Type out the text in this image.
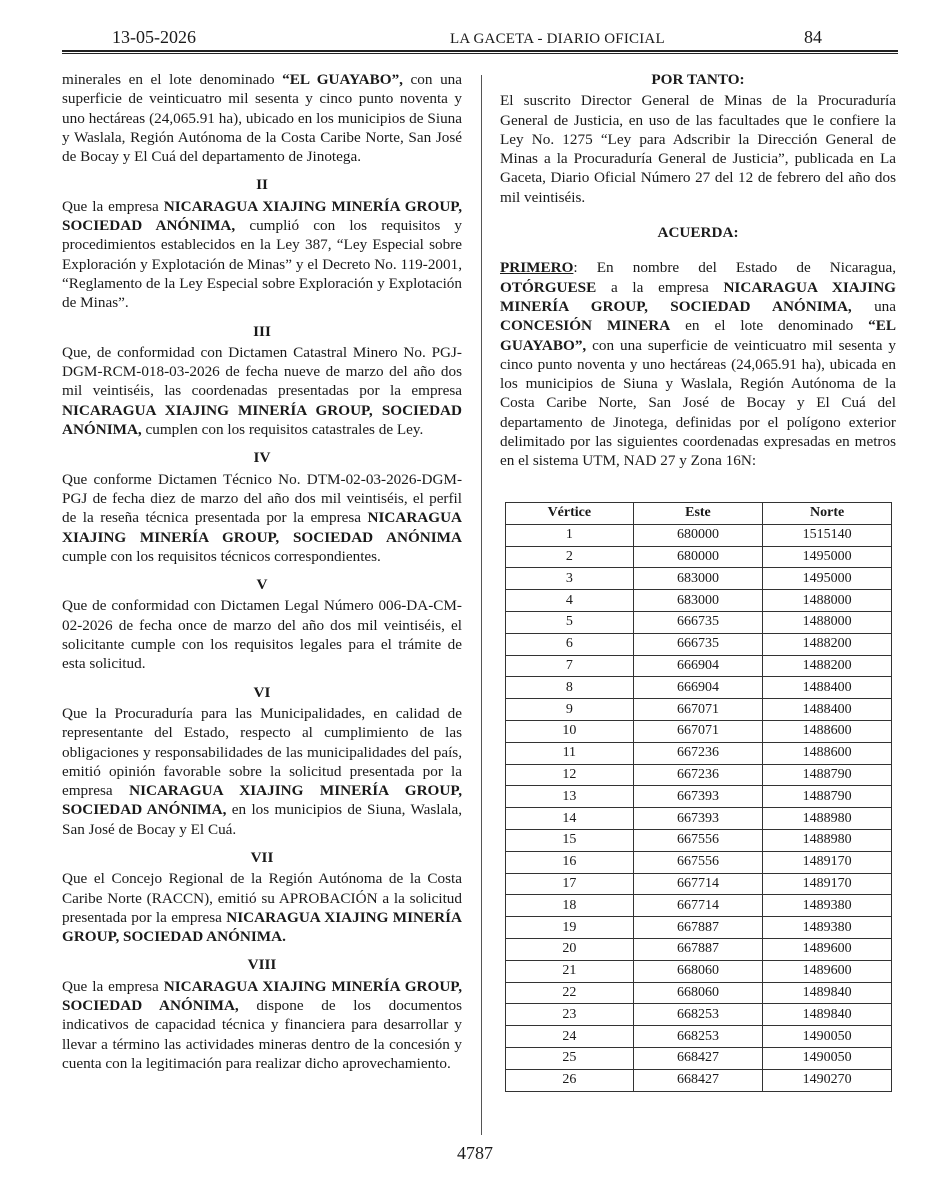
13-05-2026	LA GACETA - DIARIO OFICIAL	84

minerales en el lote denominado “EL GUAYABO”, con una superficie de veinticuatro mil sesenta y cinco punto noventa y uno hectáreas (24,065.91 ha), ubicado en los municipios de Siuna y Waslala, Región Autónoma de la Costa Caribe Norte, San José de Bocay y El Cuá del departamento de Jinotega.

II

Que la empresa NICARAGUA XIAJING MINERÍA GROUP, SOCIEDAD ANÓNIMA, cumplió con los requisitos y procedimientos establecidos en la Ley 387, “Ley Especial sobre Exploración y Explotación de Minas” y el Decreto No. 119-2001, “Reglamento de la Ley Especial sobre Exploración y Explotación de Minas”.

III

Que, de conformidad con Dictamen Catastral Minero No. PGJ-DGM-RCM-018-03-2026 de fecha nueve de marzo del año dos mil veintiséis, las coordenadas presentadas por la empresa NICARAGUA XIAJING MINERÍA GROUP, SOCIEDAD ANÓNIMA, cumplen con los requisitos catastrales de Ley.

IV

Que conforme Dictamen Técnico No. DTM-02-03-2026-DGM-PGJ de fecha diez de marzo del año dos mil veintiséis, el perfil de la reseña técnica presentada por la empresa NICARAGUA XIAJING MINERÍA GROUP, SOCIEDAD ANÓNIMA cumple con los requisitos técnicos correspondientes.

V

Que de conformidad con Dictamen Legal Número 006-DA-CM-02-2026 de fecha once de marzo del año dos mil veintiséis, el solicitante cumple con los requisitos legales para el trámite de esta solicitud.

VI

Que la Procuraduría para las Municipalidades, en calidad de representante del Estado, respecto al cumplimiento de las obligaciones y responsabilidades de las municipalidades del país, emitió opinión favorable sobre la solicitud presentada por la empresa NICARAGUA XIAJING MINERÍA GROUP, SOCIEDAD ANÓNIMA, en los municipios de Siuna, Waslala, San José de Bocay y El Cuá.

VII

Que el Concejo Regional de la Región Autónoma de la Costa Caribe Norte (RACCN), emitió su APROBACIÓN a la solicitud presentada por la empresa NICARAGUA XIAJING MINERÍA GROUP, SOCIEDAD ANÓNIMA.

VIII

Que la empresa NICARAGUA XIAJING MINERÍA GROUP, SOCIEDAD ANÓNIMA, dispone de los documentos indicativos de capacidad técnica y financiera para desarrollar y llevar a término las actividades mineras dentro de la concesión y cuenta con la legitimación para realizar dicho aprovechamiento.

POR TANTO:

El suscrito Director General de Minas de la Procuraduría General de Justicia, en uso de las facultades que le confiere la Ley No. 1275 “Ley para Adscribir la Dirección General de Minas a la Procuraduría General de Justicia”, publicada en La Gaceta, Diario Oficial Número 27 del 12 de febrero del año dos mil veintiséis.

ACUERDA:

PRIMERO: En nombre del Estado de Nicaragua, OTÓRGUESE a la empresa NICARAGUA XIAJING MINERÍA GROUP, SOCIEDAD ANÓNIMA, una CONCESIÓN MINERA en el lote denominado “EL GUAYABO”, con una superficie de veinticuatro mil sesenta y cinco punto noventa y uno hectáreas (24,065.91 ha), ubicada en los municipios de Siuna y Waslala, Región Autónoma de la Costa Caribe Norte, San José de Bocay y El Cuá del departamento de Jinotega, definidas por el polígono exterior delimitado por las siguientes coordenadas expresadas en metros en el sistema UTM, NAD 27 y Zona 16N:

Vértice	Este	Norte
1	680000	1515140
2	680000	1495000
3	683000	1495000
4	683000	1488000
5	666735	1488000
6	666735	1488200
7	666904	1488200
8	666904	1488400
9	667071	1488400
10	667071	1488600
11	667236	1488600
12	667236	1488790
13	667393	1488790
14	667393	1488980
15	667556	1488980
16	667556	1489170
17	667714	1489170
18	667714	1489380
19	667887	1489380
20	667887	1489600
21	668060	1489600
22	668060	1489840
23	668253	1489840
24	668253	1490050
25	668427	1490050
26	668427	1490270
4787
